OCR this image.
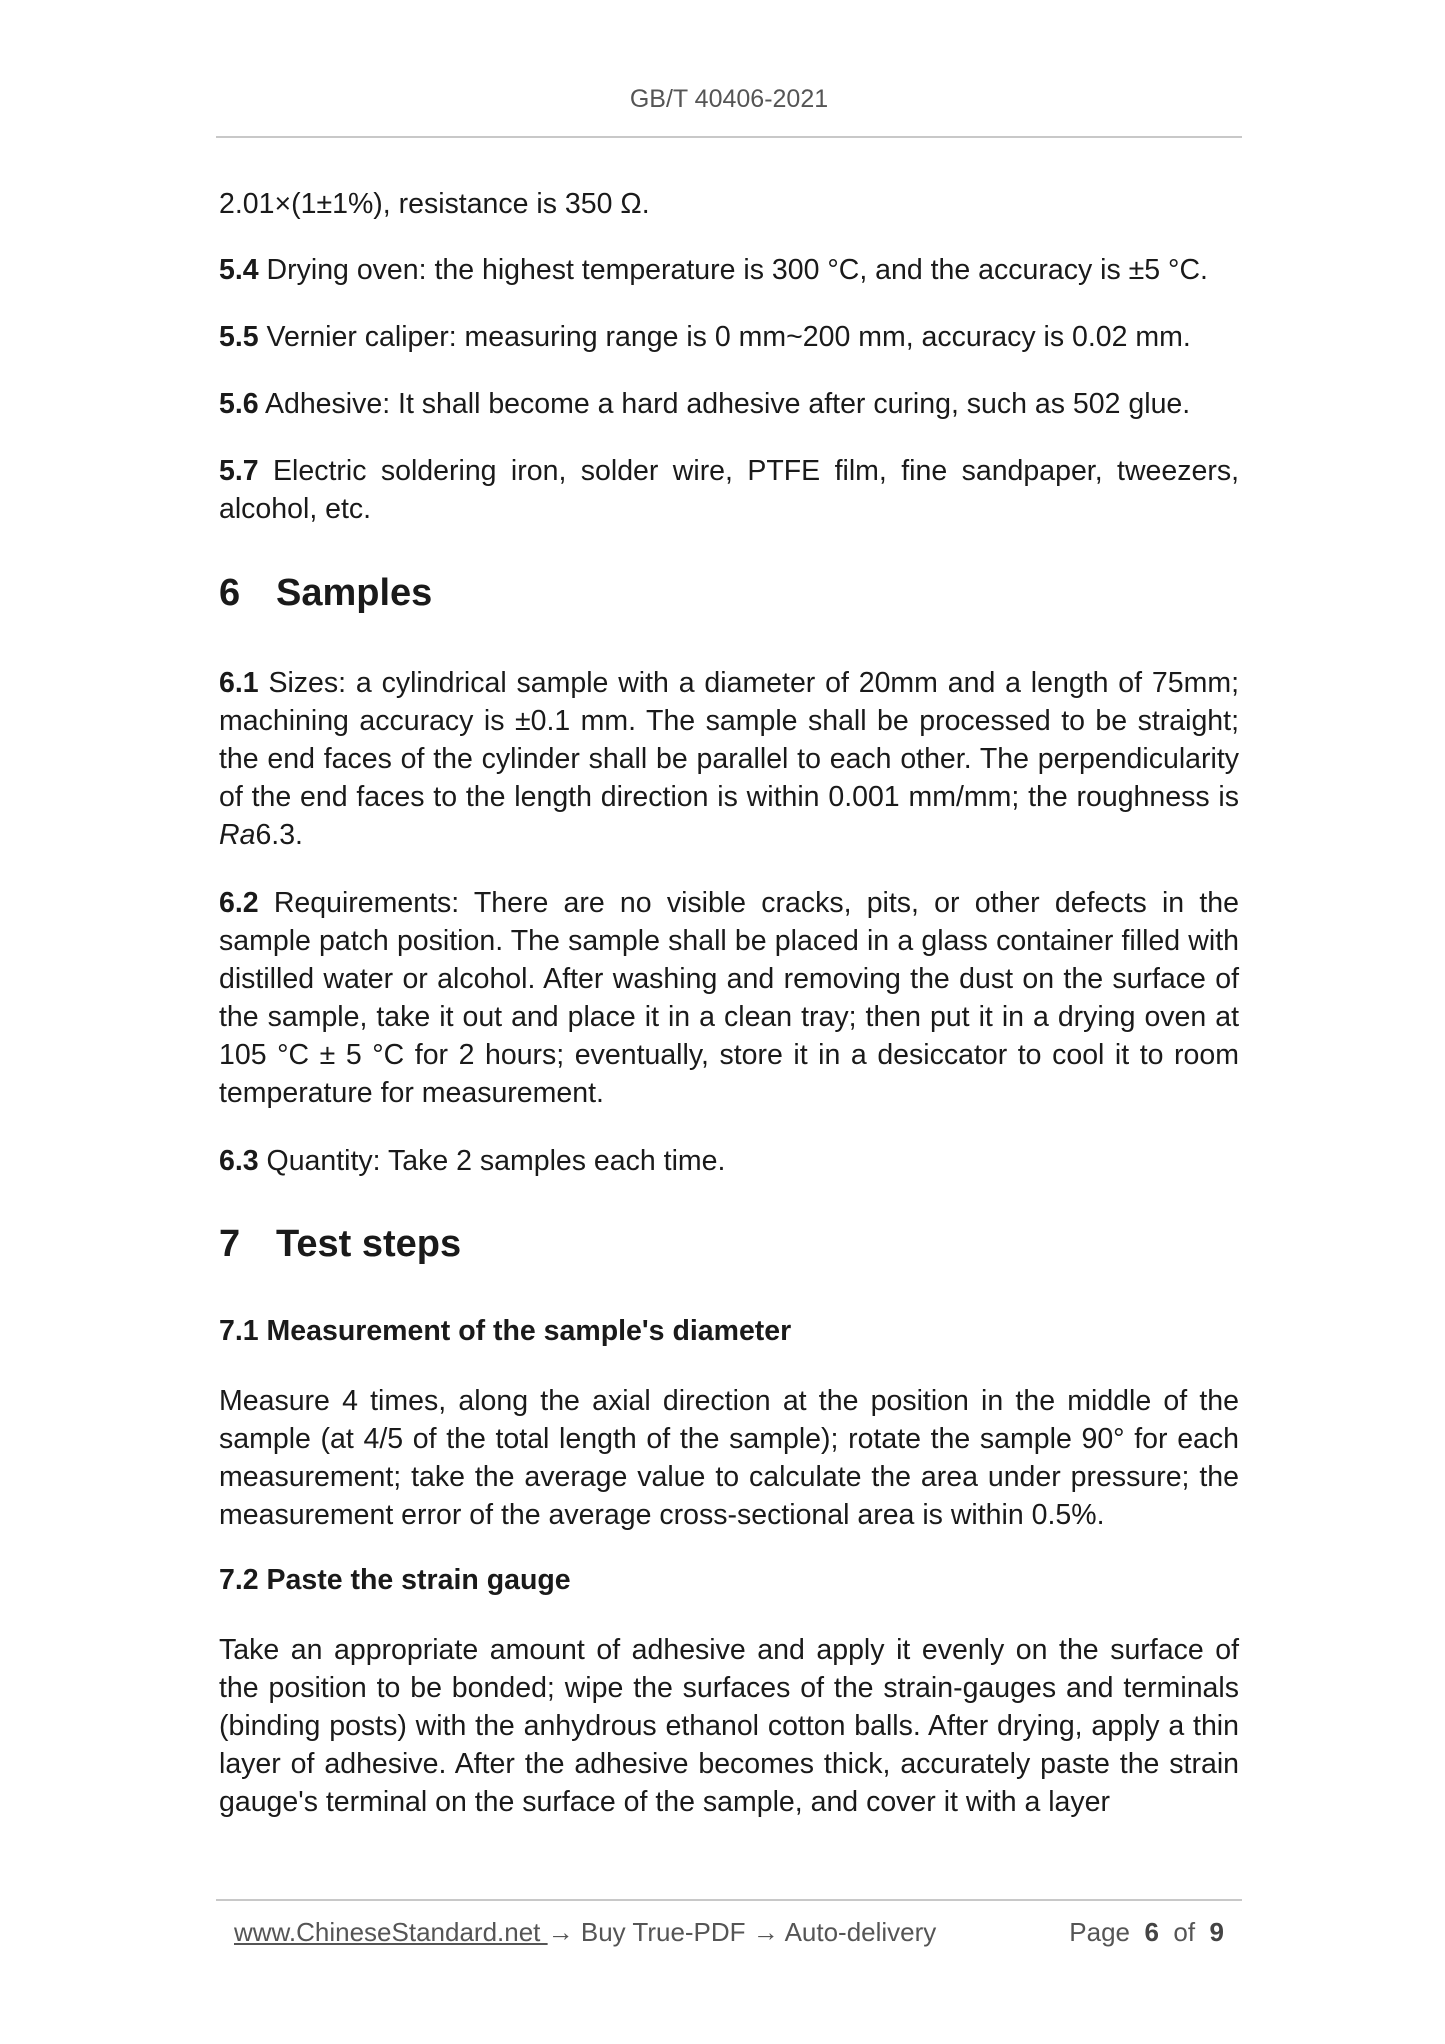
GB/T 40406-2021

2.01×(1±1%), resistance is 350 Ω.

5.4 Drying oven: the highest temperature is 300 °C, and the accuracy is ±5 °C.

5.5 Vernier caliper: measuring range is 0 mm~200 mm, accuracy is 0.02 mm.

5.6 Adhesive: It shall become a hard adhesive after curing, such as 502 glue.

5.7 Electric soldering iron, solder wire, PTFE film, fine sandpaper, tweezers, alcohol, etc.

6 Samples

6.1 Sizes: a cylindrical sample with a diameter of 20mm and a length of 75mm; machining accuracy is ±0.1 mm. The sample shall be processed to be straight; the end faces of the cylinder shall be parallel to each other. The perpendicularity of the end faces to the length direction is within 0.001 mm/mm; the roughness is Ra6.3.

6.2 Requirements: There are no visible cracks, pits, or other defects in the sample patch position. The sample shall be placed in a glass container filled with distilled water or alcohol. After washing and removing the dust on the surface of the sample, take it out and place it in a clean tray; then put it in a drying oven at 105 °C ± 5 °C for 2 hours; eventually, store it in a desiccator to cool it to room temperature for measurement.

6.3 Quantity: Take 2 samples each time.

7 Test steps
7.1 Measurement of the sample's diameter

Measure 4 times, along the axial direction at the position in the middle of the sample (at 4/5 of the total length of the sample); rotate the sample 90° for each measurement; take the average value to calculate the area under pressure; the measurement error of the average cross-sectional area is within 0.5%.

7.2 Paste the strain gauge

Take an appropriate amount of adhesive and apply it evenly on the surface of the position to be bonded; wipe the surfaces of the strain-gauges and terminals (binding posts) with the anhydrous ethanol cotton balls. After drying, apply a thin layer of adhesive. After the adhesive becomes thick, accurately paste the strain gauge's terminal on the surface of the sample, and cover it with a layer

www.ChineseStandard.net → Buy True-PDF → Auto-delivery	Page 6 of 9
